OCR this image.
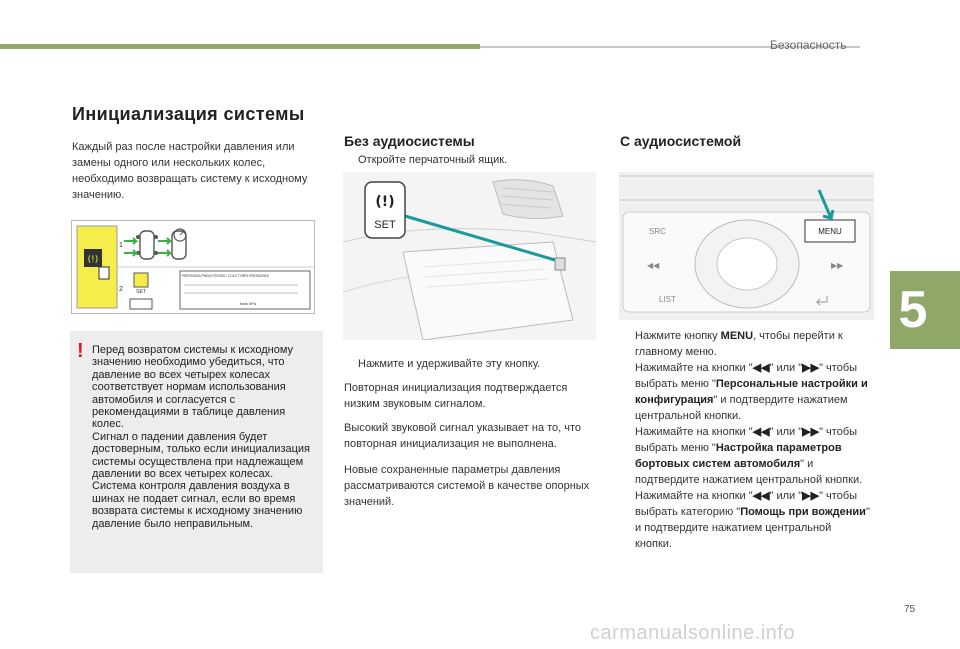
Безопасность
5
Инициализация системы
Каждый раз после настройки давления или замены одного или нескольких колес, необходимо возвращать систему к исходному значению.
(!)
1
2	SET
PRESSIONS PNEUS FROIDS / COLD TYRES PRESSURES
bars hPa
! Перед возвратом системы к исходному значению необходимо убедиться, что давление во всех четырех колесах соответствует нормам использования автомобиля и согласуется с рекомендациями в таблице давления колес.
Сигнал о падении давления будет достоверным, только если инициализация системы осуществлена при надлежащем давлении во всех четырех колесах.
Система контроля давления воздуха в шинах не подает сигнал, если во время возврата системы к исходному значению давление было неправильным.
Без аудиосистемы
Откройте перчаточный ящик.
(!)
SET
Нажмите и удерживайте эту кнопку.

Повторная инициализация подтверждается низким звуковым сигналом.

Высокий звуковой сигнал указывает на то, что повторная инициализация не выполнена.

Новые сохраненные параметры давления рассматриваются системой в качестве опорных значений.

С аудиосистемой
SRC
◀◀
LIST
MENU
▶▶
Нажмите кнопку MENU, чтобы перейти к главному меню.
Нажимайте на кнопки "◀◀" или "▶▶" чтобы выбрать меню "Персональные настройки и конфигурация" и подтвердите нажатием центральной кнопки.
Нажимайте на кнопки "◀◀" или "▶▶" чтобы выбрать меню "Настройка параметров бортовых систем автомобиля" и подтвердите нажатием центральной кнопки.
Нажимайте на кнопки "◀◀" или "▶▶" чтобы выбрать категорию "Помощь при вождении" и подтвердите нажатием центральной кнопки.
75
carmanualsonline.info
